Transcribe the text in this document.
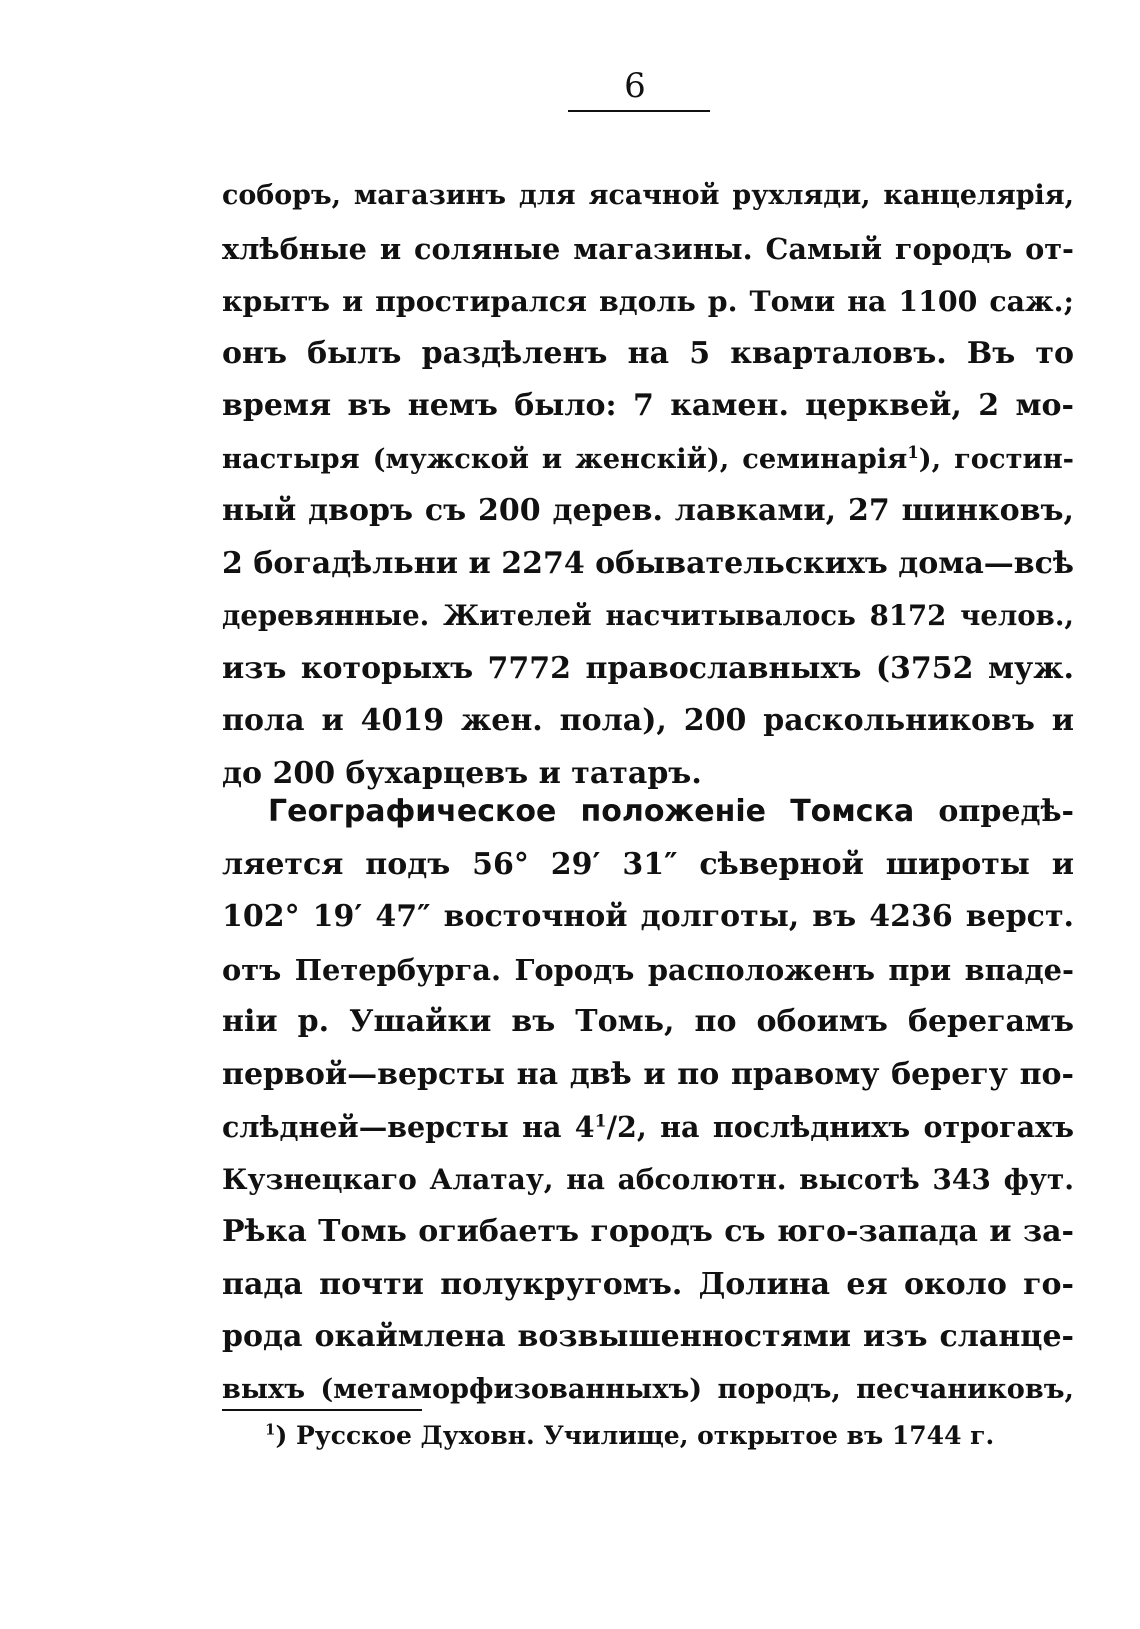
6
соборъ, магазинъ для ясачной рухляди, канцелярія,
хлѣбные и соляные магазины. Самый городъ от-
крытъ и простирался вдоль р. Томи на 1100 саж.;
онъ былъ раздѣленъ на 5 кварталовъ. Въ то
время въ немъ было: 7 камен. церквей, 2 мо-
настыря (мужской и женскій), семинарія$^1$), гостин-
ный дворъ съ 200 дерев. лавками, 27 шинковъ,
2 богадѣльни и 2274 обывательскихъ дома—всѣ
деревянные. Жителей насчитывалось 8172 челов.,
изъ которыхъ 7772 православныхъ (3752 муж.
пола и 4019 жен. пола), 200 раскольниковъ и
до 200 бухарцевъ и татаръ.
Географическое положеніе Томска опредѣ-
ляется подъ 56° 29′ 31″ сѣверной широты и
102° 19′ 47″ восточной долготы, въ 4236 верст.
отъ Петербурга. Городъ расположенъ при впаде-
ніи р. Ушайки въ Томь, по обоимъ берегамъ
первой—версты на двѣ и по правому берегу по-
слѣдней—версты на $4^1/2$, на послѣднихъ отрогахъ
Кузнецкаго Алатау, на абсолютн. высотѣ 343 фут.
Рѣка Томь огибаетъ городъ съ юго-запада и за-
пада почти полукругомъ. Долина ея около го-
рода окаймлена возвышенностями изъ сланце-
выхъ (метаморфизованныхъ) породъ, песчаниковъ,
$^1$) Русское Духовн. Училище, открытое въ 1744 г.
